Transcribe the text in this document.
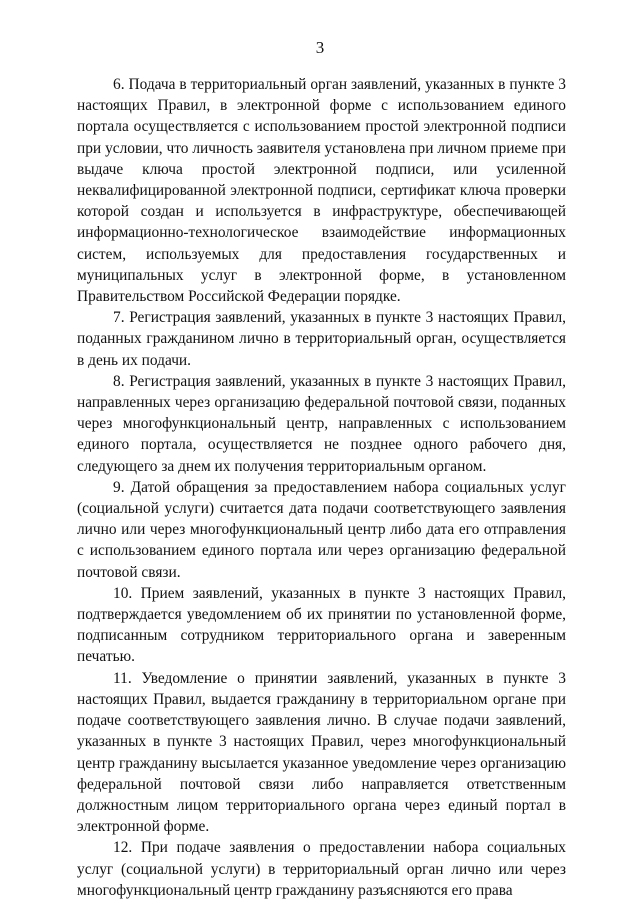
3

6. Подача в территориальный орган заявлений, указанных в пункте 3 настоящих Правил, в электронной форме с использованием единого портала осуществляется с использованием простой электронной подписи при условии, что личность заявителя установлена при личном приеме при выдаче ключа простой электронной подписи, или усиленной неквалифицированной электронной подписи, сертификат ключа проверки которой создан и используется в инфраструктуре, обеспечивающей информационно-технологическое взаимодействие информационных систем, используемых для предоставления государственных и муниципальных услуг в электронной форме, в установленном Правительством Российской Федерации порядке.

7. Регистрация заявлений, указанных в пункте 3 настоящих Правил, поданных гражданином лично в территориальный орган, осуществляется в день их подачи.

8. Регистрация заявлений, указанных в пункте 3 настоящих Правил, направленных через организацию федеральной почтовой связи, поданных через многофункциональный центр, направленных с использованием единого портала, осуществляется не позднее одного рабочего дня, следующего за днем их получения территориальным органом.

9. Датой обращения за предоставлением набора социальных услуг (социальной услуги) считается дата подачи соответствующего заявления лично или через многофункциональный центр либо дата его отправления с использованием единого портала или через организацию федеральной почтовой связи.

10. Прием заявлений, указанных в пункте 3 настоящих Правил, подтверждается уведомлением об их принятии по установленной форме, подписанным сотрудником территориального органа и заверенным печатью.

11. Уведомление о принятии заявлений, указанных в пункте 3 настоящих Правил, выдается гражданину в территориальном органе при подаче соответствующего заявления лично. В случае подачи заявлений, указанных в пункте 3 настоящих Правил, через многофункциональный центр гражданину высылается указанное уведомление через организацию федеральной почтовой связи либо направляется ответственным должностным лицом территориального органа через единый портал в электронной форме.

12. При подаче заявления о предоставлении набора социальных услуг (социальной услуги) в территориальный орган лично или через многофункциональный центр гражданину разъясняются его права
